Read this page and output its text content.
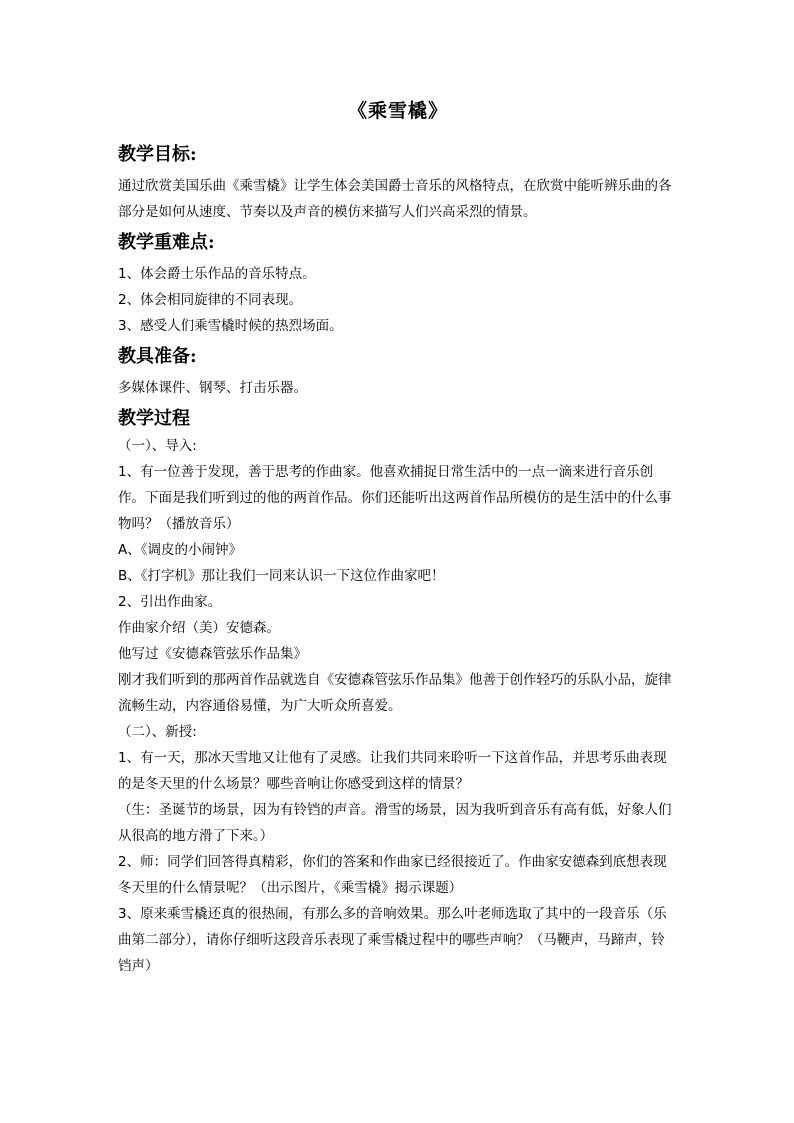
《乘雪橇》
教学目标:
通过欣赏美国乐曲《乘雪橇》让学生体会美国爵士音乐的风格特点，在欣赏中能听辨乐曲的各部分是如何从速度、节奏以及声音的模仿来描写人们兴高采烈的情景。
教学重难点:
1、体会爵士乐作品的音乐特点。
2、体会相同旋律的不同表现。
3、感受人们乘雪橇时候的热烈场面。
教具准备:
多媒体课件、钢琴、打击乐器。
教学过程
（一）、导入:
1、有一位善于发现，善于思考的作曲家。他喜欢捕捉日常生活中的一点一滴来进行音乐创作。下面是我们听到过的他的两首作品。你们还能听出这两首作品所模仿的是生活中的什么事物吗？（播放音乐）
A、《调皮的小闹钟》
B、《打字机》那让我们一同来认识一下这位作曲家吧！
2、引出作曲家。
作曲家介绍（美）安德森。
他写过《安德森管弦乐作品集》
刚才我们听到的那两首作品就选自《安德森管弦乐作品集》他善于创作轻巧的乐队小品，旋律流畅生动，内容通俗易懂，为广大听众所喜爱。
（二）、新授:
1、有一天，那冰天雪地又让他有了灵感。让我们共同来聆听一下这首作品，并思考乐曲表现的是冬天里的什么场景？哪些音响让你感受到这样的情景？
（生：圣诞节的场景，因为有铃铛的声音。滑雪的场景，因为我听到音乐有高有低，好象人们从很高的地方滑了下来。）
2、师：同学们回答得真精彩，你们的答案和作曲家已经很接近了。作曲家安德森到底想表现冬天里的什么情景呢？（出示图片，《乘雪橇》揭示课题）
3、原来乘雪橇还真的很热闹，有那么多的音响效果。那么叶老师选取了其中的一段音乐（乐曲第二部分），请你仔细听这段音乐表现了乘雪橇过程中的哪些声响？（马鞭声，马蹄声，铃铛声）
